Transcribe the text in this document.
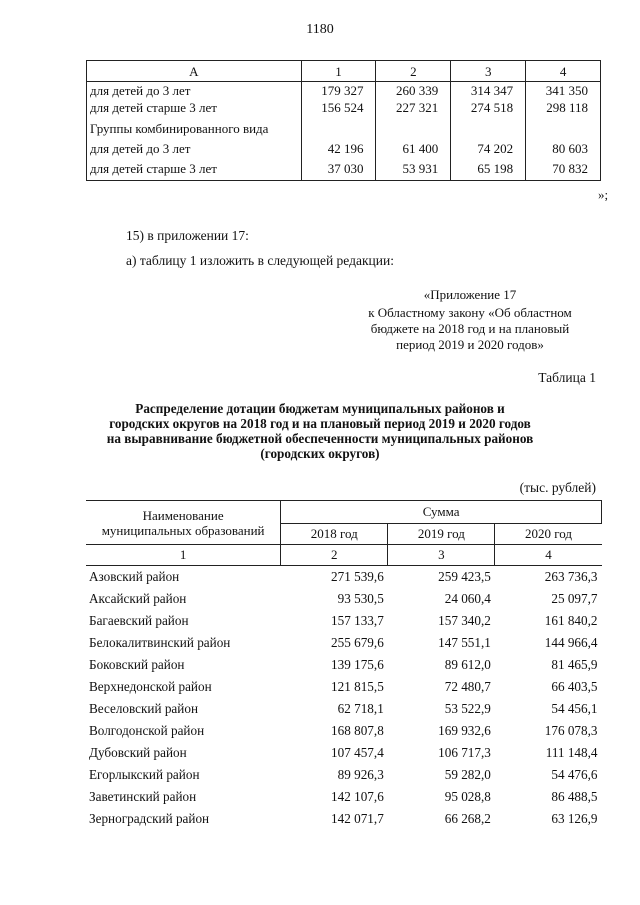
1180
А	1	2	3	4
для детей до 3 лет	179 327	260 339	314 347	341 350
для детей старше 3 лет	156 524	227 321	274 518	298 118
Группы комбинированного вида				
для детей до 3 лет	42 196	61 400	74 202	80 603
для детей старше 3 лет	37 030	53 931	65 198	70 832
»;
15) в приложении 17:
а) таблицу 1 изложить в следующей редакции:
«Приложение 17
к Областному закону «Об областном
бюджете на 2018 год и на плановый
период 2019 и 2020 годов»
Таблица 1
Распределение дотации бюджетам муниципальных районов и
городских округов на 2018 год и на плановый период 2019 и 2020 годов
на выравнивание бюджетной обеспеченности муниципальных районов
(городских округов)
(тыс. рублей)
Наименование
муниципальных образований	Сумма		
	2018 год	2019 год	2020 год
1	2	3	4
Азовский район	271 539,6	259 423,5	263 736,3
Аксайский район	93 530,5	24 060,4	25 097,7
Багаевский район	157 133,7	157 340,2	161 840,2
Белокалитвинский район	255 679,6	147 551,1	144 966,4
Боковский район	139 175,6	89 612,0	81 465,9
Верхнедонской район	121 815,5	72 480,7	66 403,5
Веселовский район	62 718,1	53 522,9	54 456,1
Волгодонской район	168 807,8	169 932,6	176 078,3
Дубовский район	107 457,4	106 717,3	111 148,4
Егорлыкский район	89 926,3	59 282,0	54 476,6
Заветинский район	142 107,6	95 028,8	86 488,5
Зерноградский район	142 071,7	66 268,2	63 126,9
